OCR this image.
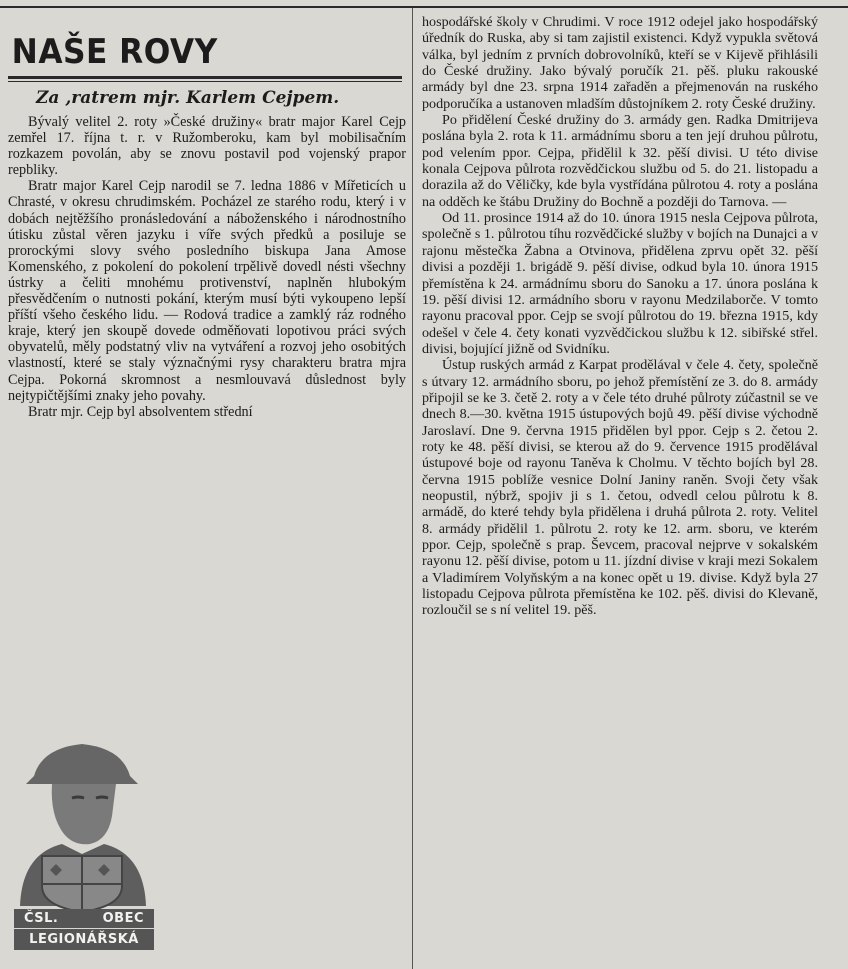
NAŠE ROVY
Za ,ratrem mjr. Karlem Cejpem.

Bývalý velitel 2. roty »České družiny« bratr major Karel Cejp zemřel 17. října t. r. v Ružomberoku, kam byl mobilisačním rozkazem povolán, aby se znovu postavil pod vojenský prapor repbliky.

Bratr major Karel Cejp narodil se 7. ledna 1886 v Mířeticích u Chrasté, v okresu chrudimském. Pocházel ze starého rodu, který i v dobách nejtěžšího pronásledování a náboženského i národnostního útisku zůstal věren jazyku i víře svých předků a posiluje se prorockými slovy svého posledního biskupa Jana Amose Komenského, z pokolení do pokolení trpělivě dovedl nésti všechny ústrky a čeliti mnohému protivenství, naplněn hlubokým přesvědčením o nutnosti pokání, kterým musí býti vykoupeno lepší příští všeho českého lidu. — Rodová tradice a zamklý ráz rodného kraje, který jen skoupě dovede odměňovati lopotivou práci svých obyvatelů, měly podstatný vliv na vytváření a rozvoj jeho osobitých vlastností, které se staly význačnými rysy charakteru bratra mjra Cejpa. Pokorná skromnost a nesmlouvavá důslednost byly nejtypičtějšími znaky jeho povahy.

Bratr mjr. Cejp byl absolventem střední

hospodářské školy v Chrudimi. V roce 1912 odejel jako hospodářský úředník do Ruska, aby si tam zajistil existenci. Když vypukla světová válka, byl jedním z prvních dobrovolníků, kteří se v Kijevě přihlásili do České družiny. Jako bývalý poručík 21. pěš. pluku rakouské armády byl dne 23. srpna 1914 zařaděn a přejmenován na ruského podporučíka a ustanoven mladším důstojníkem 2. roty České družiny.

Po přidělení České družiny do 3. armády gen. Radka Dmitrijeva poslána byla 2. rota k 11. armádnímu sboru a ten její druhou půlrotu, pod velením ppor. Cejpa, přidělil k 32. pěší divisi. U této divise konala Cejpova půlrota rozvědčickou službu od 5. do 21. listopadu a dorazila až do Věličky, kde byla vystřídána půlrotou 4. roty a poslána na odděch ke štábu Družiny do Bochně a později do Tarnova. —

Od 11. prosince 1914 až do 10. února 1915 nesla Cejpova půlrota, společně s 1. půlrotou tíhu rozvědčické služby v bojích na Dunajci a v rajonu městečka Žabna a Otvinova, přidělena zprvu opět 32. pěší divisi a později 1. brigádě 9. pěší divise, odkud byla 10. února 1915 přemístěna k 24. armádnímu sboru do Sanoku a 17. února poslána k 19. pěší divisi 12. armádního sboru v rayonu Medzilaborče. V tomto rayonu pracoval ppor. Cejp se svojí půlrotou do 19. března 1915, kdy odešel v čele 4. čety konati vyzvědčickou službu k 12. sibiřské střel. divisi, bojující jižně od Svidníku.

Ústup ruských armád z Karpat prodělával v čele 4. čety, společně s útvary 12. armádního sboru, po jehož přemístění ze 3. do 8. armády připojil se ke 3. četě 2. roty a v čele této druhé půlroty zúčastnil se ve dnech 8.—30. května 1915 ústupových bojů 49. pěší divise východně Jaroslaví. Dne 9. června 1915 přidělen byl ppor. Cejp s 2. četou 2. roty ke 48. pěší divisi, se kterou až do 9. července 1915 prodělával ústupové boje od rayonu Taněva k Cholmu. V těchto bojích byl 28. června 1915 poblíže vesnice Dolní Janiny raněn. Svoji čety však neopustil, nýbrž, spojiv ji s 1. četou, odvedl celou půlrotu k 8. armádě, do které tehdy byla přidělena i druhá půlrota 2. roty. Velitel 8. armády přidělil 1. půlrotu 2. roty ke 12. arm. sboru, ve kterém ppor. Cejp, společně s prap. Ševcem, pracoval nejprve v sokalském rayonu 12. pěší divise, potom u 11. jízdní divise v kraji mezi Sokalem a Vladimírem Volyňským a na konec opět u 19. divise. Když byla 27 listopadu Cejpova půlrota přemístěna ke 102. pěš. divisi do Klevaně, rozloučil se s ní velitel 19. pěš.

ČSL.	OBEC
LEGIONÁŘSKÁ
